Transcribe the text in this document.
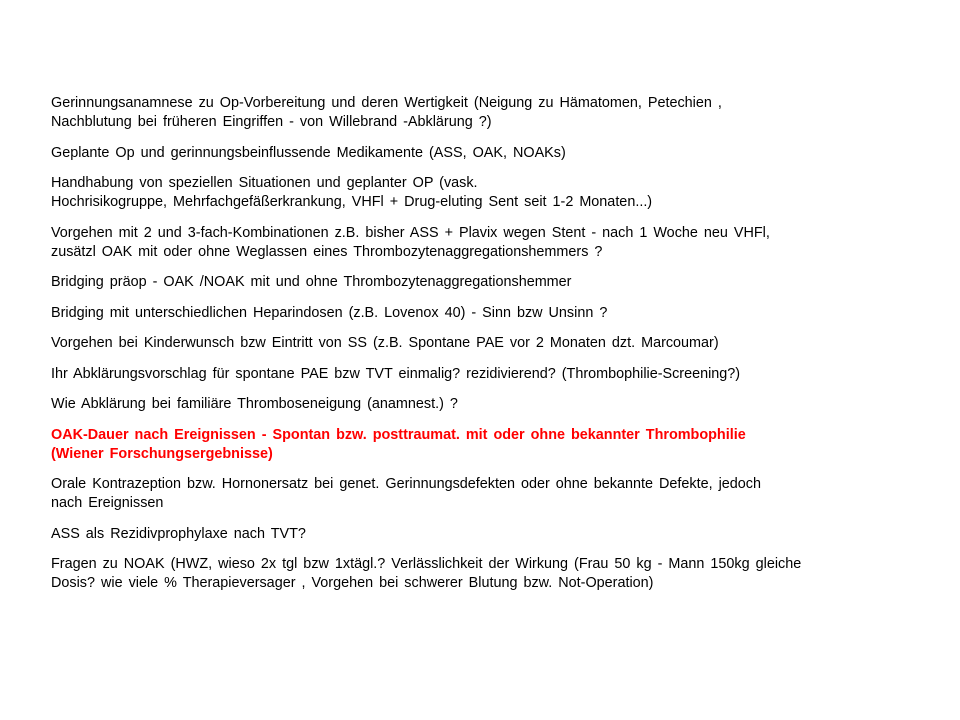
Gerinnungsanamnese zu Op-Vorbereitung und deren Wertigkeit (Neigung zu Hämatomen, Petechien ,
Nachblutung bei früheren Eingriffen - von Willebrand -Abklärung ?)
Geplante Op und gerinnungsbeinflussende Medikamente (ASS, OAK, NOAKs)
Handhabung von speziellen Situationen und geplanter OP (vask.
Hochrisikogruppe, Mehrfachgefäßerkrankung, VHFl + Drug-eluting Sent seit 1-2 Monaten...)
Vorgehen mit 2 und 3-fach-Kombinationen z.B. bisher ASS + Plavix wegen Stent - nach 1 Woche neu VHFl,
zusätzl OAK mit oder ohne Weglassen eines Thrombozytenaggregationshemmers ?
Bridging präop - OAK /NOAK mit und ohne Thrombozytenaggregationshemmer
Bridging mit unterschiedlichen Heparindosen (z.B. Lovenox 40) - Sinn bzw Unsinn ?
Vorgehen bei Kinderwunsch bzw Eintritt von SS (z.B. Spontane PAE vor 2 Monaten dzt. Marcoumar)
Ihr Abklärungsvorschlag für spontane PAE bzw TVT einmalig? rezidivierend? (Thrombophilie-Screening?)
Wie Abklärung bei familiäre Thromboseneigung (anamnest.) ?
OAK-Dauer nach Ereignissen - Spontan bzw. posttraumat. mit oder ohne bekannter Thrombophilie
(Wiener Forschungsergebnisse)
Orale Kontrazeption bzw. Hornonersatz bei genet. Gerinnungsdefekten oder ohne bekannte Defekte, jedoch
nach Ereignissen
ASS als Rezidivprophylaxe nach TVT?
Fragen zu NOAK (HWZ, wieso 2x tgl bzw 1xtägl.? Verlässlichkeit der Wirkung (Frau 50 kg - Mann 150kg gleiche
Dosis? wie viele % Therapieversager , Vorgehen bei schwerer Blutung bzw. Not-Operation)
